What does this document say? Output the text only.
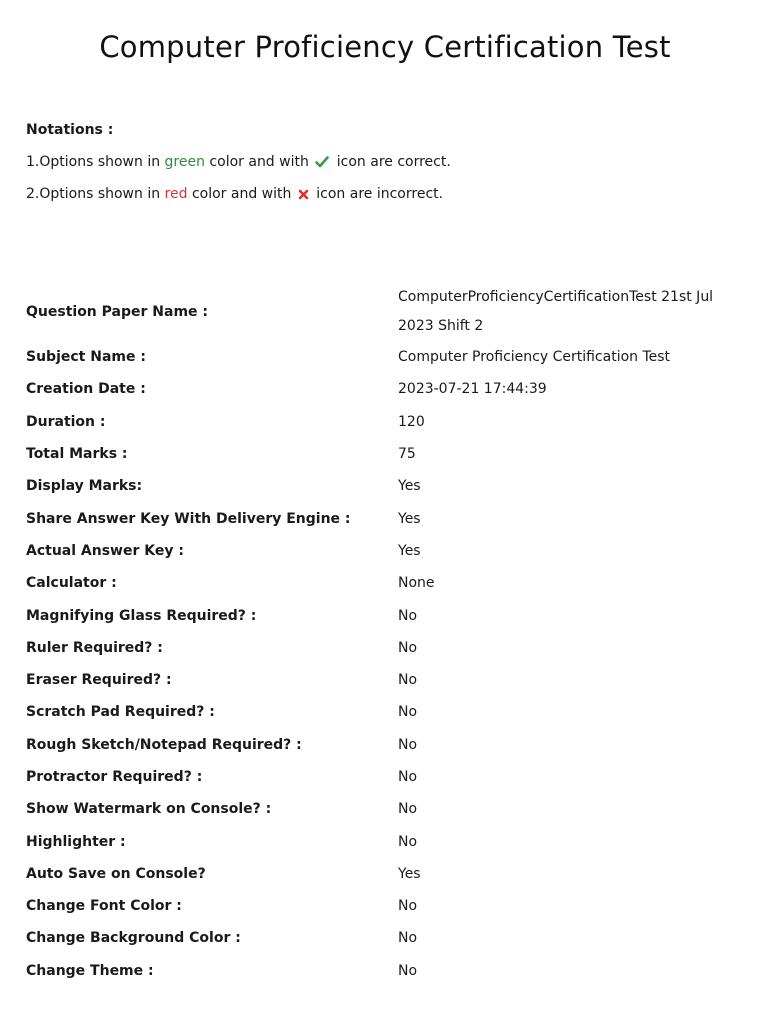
Computer Proficiency Certification Test
Notations :
1.Options shown in green color and with
icon are correct.
2.Options shown in red color and with
icon are incorrect.
Question Paper Name :	ComputerProficiencyCertificationTest 21st Jul 2023 Shift 2
Subject Name :	Computer Proficiency Certification Test
Creation Date :	2023-07-21 17:44:39
Duration :	120
Total Marks :	75
Display Marks:	Yes
Share Answer Key With Delivery Engine :	Yes
Actual Answer Key :	Yes
Calculator :	None
Magnifying Glass Required? :	No
Ruler Required? :	No
Eraser Required? :	No
Scratch Pad Required? :	No
Rough Sketch/Notepad Required? :	No
Protractor Required? :	No
Show Watermark on Console? :	No
Highlighter :	No
Auto Save on Console?	Yes
Change Font Color :	No
Change Background Color :	No
Change Theme :	No
